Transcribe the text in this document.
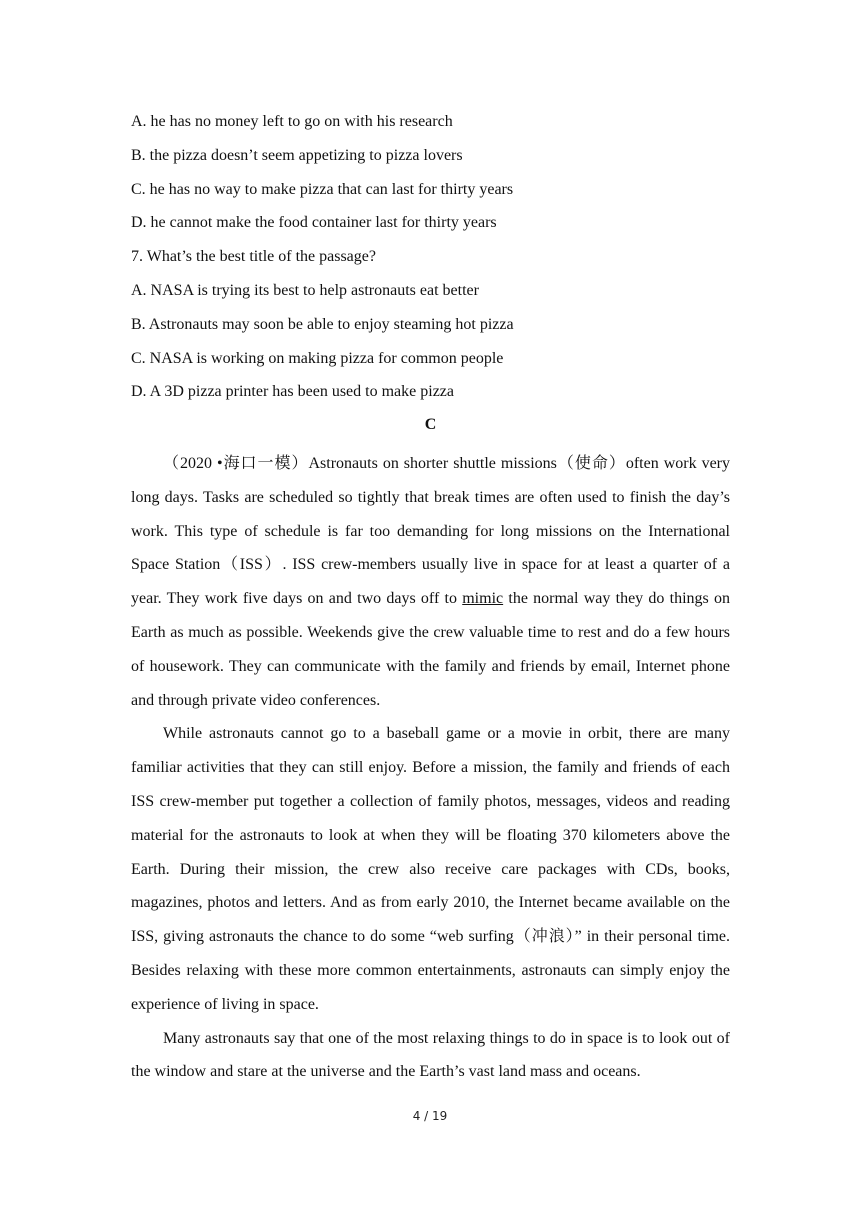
A. he has no money left to go on with his research
B. the pizza doesn’t seem appetizing to pizza lovers
C. he has no way to make pizza that can last for thirty years
D. he cannot make the food container last for thirty years
7. What’s the best title of the passage?
A. NASA is trying its best to help astronauts eat better
B. Astronauts may soon be able to enjoy steaming hot pizza
C. NASA is working on making pizza for common people
D. A 3D pizza printer has been used to make pizza
C

（2020 •海口一模）Astronauts on shorter shuttle missions（使命）often work very long days. Tasks are scheduled so tightly that break times are often used to finish the day’s work. This type of schedule is far too demanding for long missions on the International Space Station（ISS）. ISS crew-members usually live in space for at least a quarter of a year. They work five days on and two days off to mimic the normal way they do things on Earth as much as possible. Weekends give the crew valuable time to rest and do a few hours of housework. They can communicate with the family and friends by email, Internet phone and through private video conferences.

While astronauts cannot go to a baseball game or a movie in orbit, there are many familiar activities that they can still enjoy. Before a mission, the family and friends of each ISS crew-member put together a collection of family photos, messages, videos and reading material for the astronauts to look at when they will be floating 370 kilometers above the Earth. During their mission, the crew also receive care packages with CDs, books, magazines, photos and letters. And as from early 2010, the Internet became available on the ISS, giving astronauts the chance to do some “web surfing（冲浪）” in their personal time. Besides relaxing with these more common entertainments, astronauts can simply enjoy the experience of living in space.

Many astronauts say that one of the most relaxing things to do in space is to look out of the window and stare at the universe and the Earth’s vast land mass and oceans.

4 / 19
